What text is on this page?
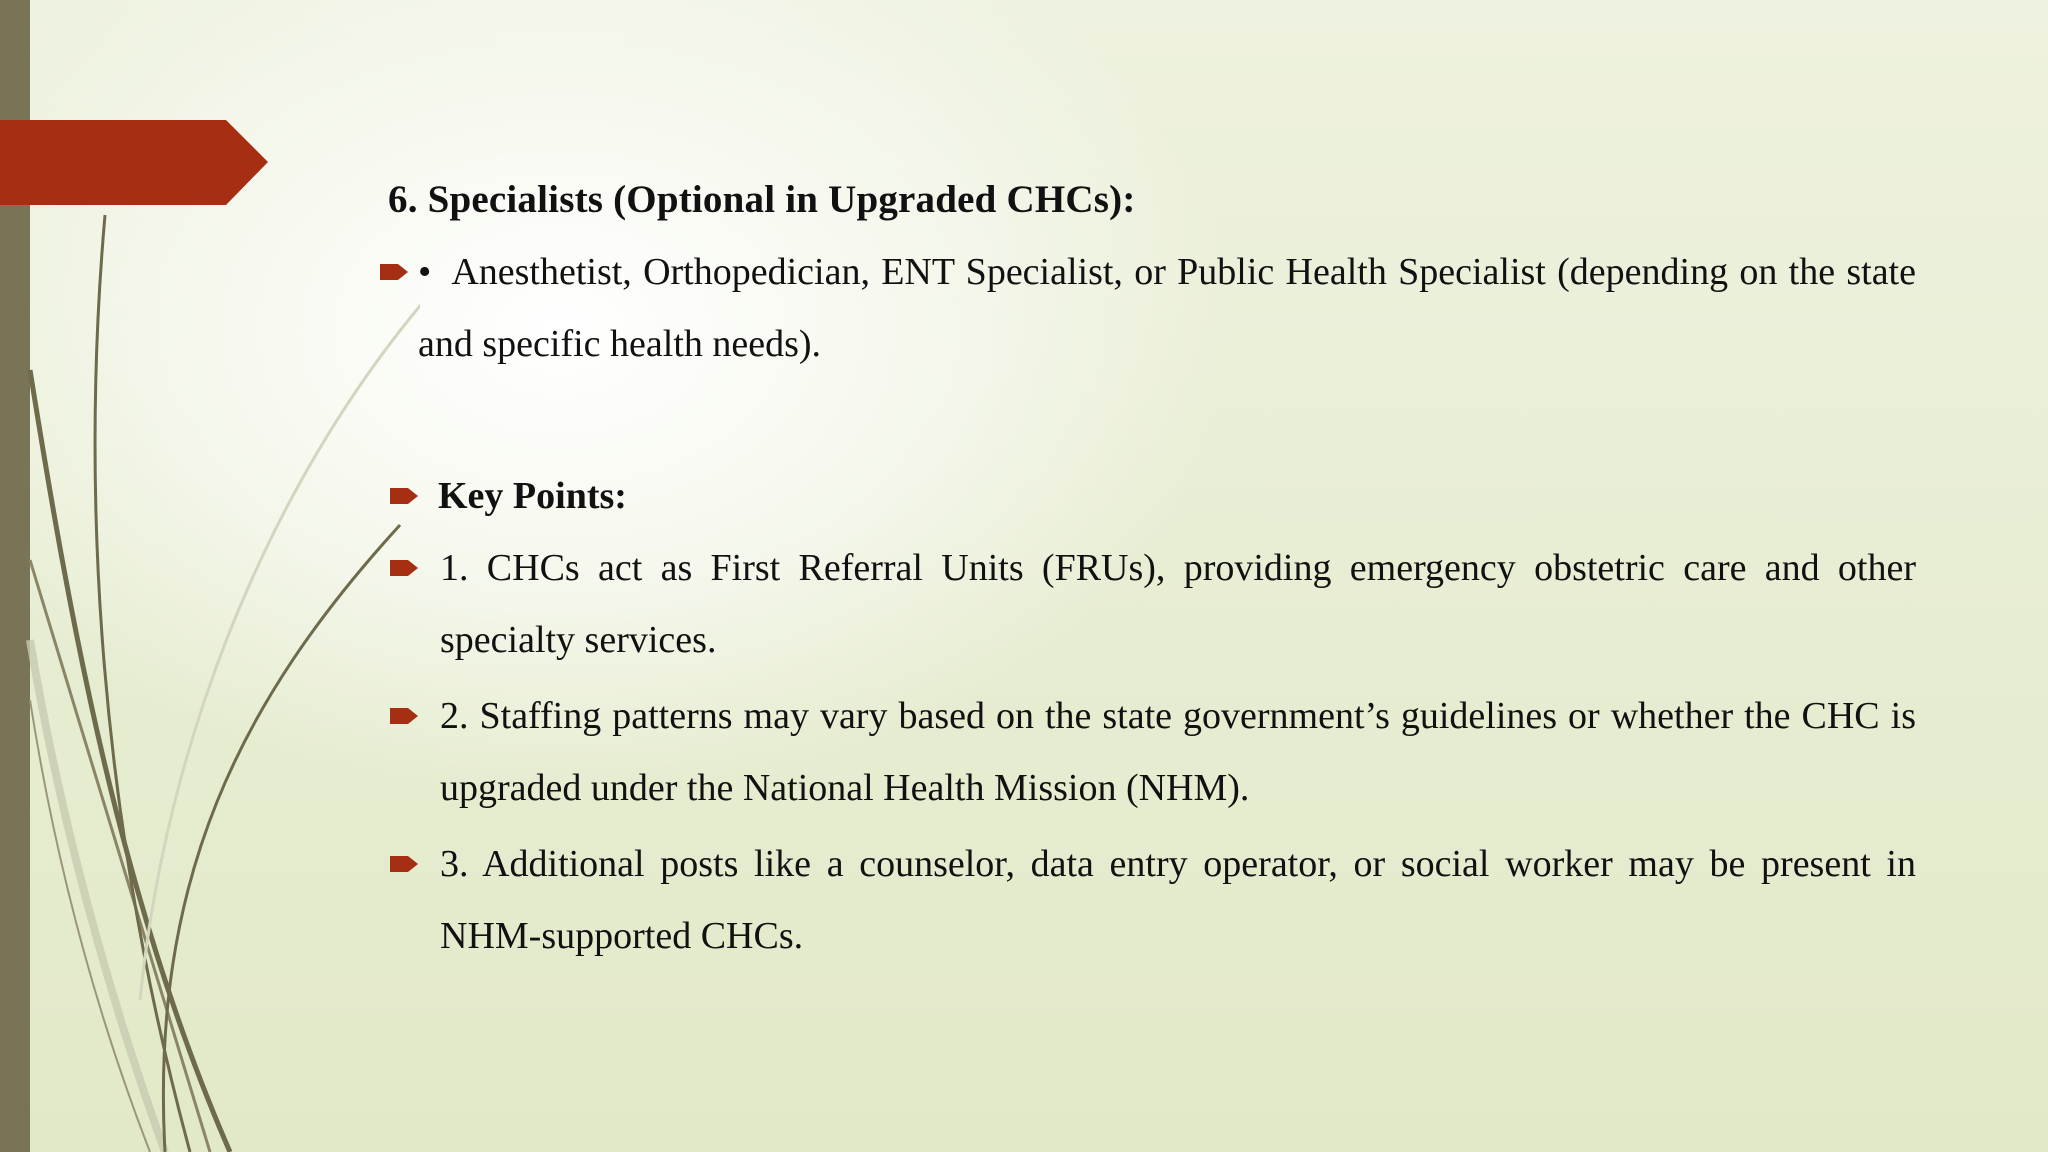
6. Specialists (Optional in Upgraded CHCs):
• Anesthetist, Orthopedician, ENT Specialist, or Public Health Specialist (depending on the state and specific health needs).
Key Points:
1. CHCs act as First Referral Units (FRUs), providing emergency obstetric care and other specialty services.
2. Staffing patterns may vary based on the state government’s guidelines or whether the CHC is upgraded under the National Health Mission (NHM).
3. Additional posts like a counselor, data entry operator, or social worker may be present in NHM-supported CHCs.
